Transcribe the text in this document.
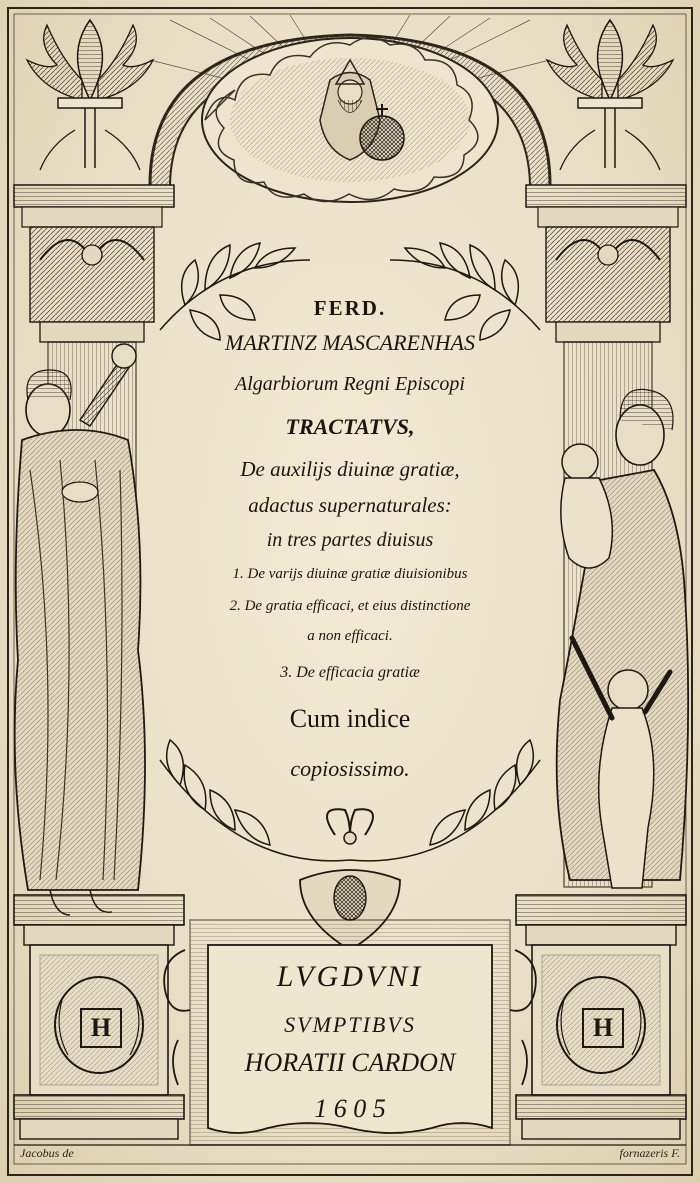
FERD.
MARTINZ MASCARENHAS
Algarbiorum Regni Episcopi
TRACTATVS,
De auxilijs diuinæ gratiæ,
adactus supernaturales:
in tres partes diuisus
1. De varijs diuinæ gratiæ diuisionibus
2. De gratia efficaci, et eius distinctione
a non efficaci.
3. De efficacia gratiæ
Cum indice
copiosissimo.
LVGDVNI
SVMPTIBVS
HORATII CARDON
1 6 0 5
H	H
Jacobus de	fornazeris F.
